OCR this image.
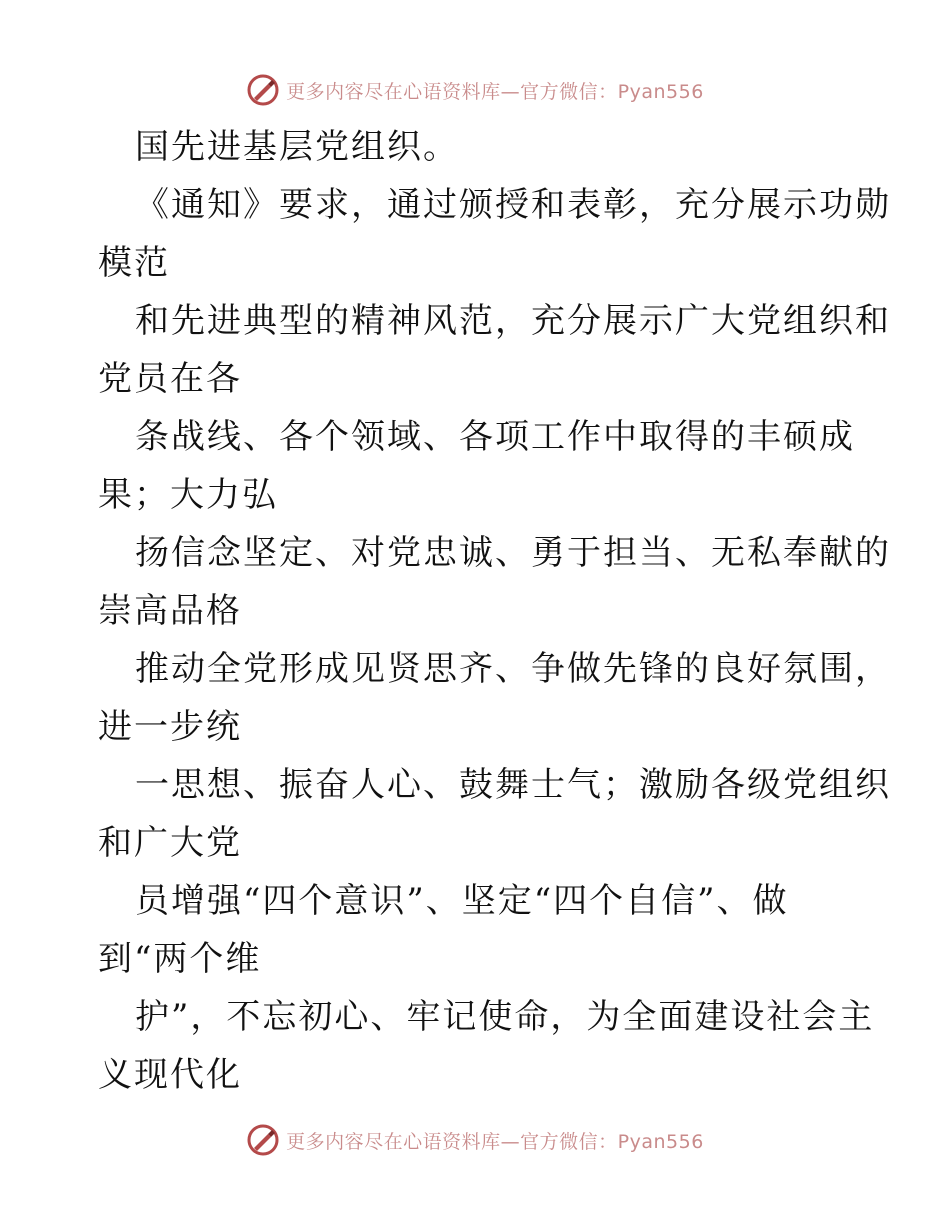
更多内容尽在心语资料库—官方微信：Pyan556
国先进基层党组织。
《通知》要求，通过颁授和表彰，充分展示功勋
模范
和先进典型的精神风范，充分展示广大党组织和
党员在各
条战线、各个领域、各项工作中取得的丰硕成
果；大力弘
扬信念坚定、对党忠诚、勇于担当、无私奉献的
崇高品格
推动全党形成见贤思齐、争做先锋的良好氛围，
进一步统
一思想、振奋人心、鼓舞士气；激励各级党组织
和广大党
员增强“四个意识”、坚定“四个自信”、做
到“两个维
护”，不忘初心、牢记使命，为全面建设社会主
义现代化
更多内容尽在心语资料库—官方微信：Pyan556
